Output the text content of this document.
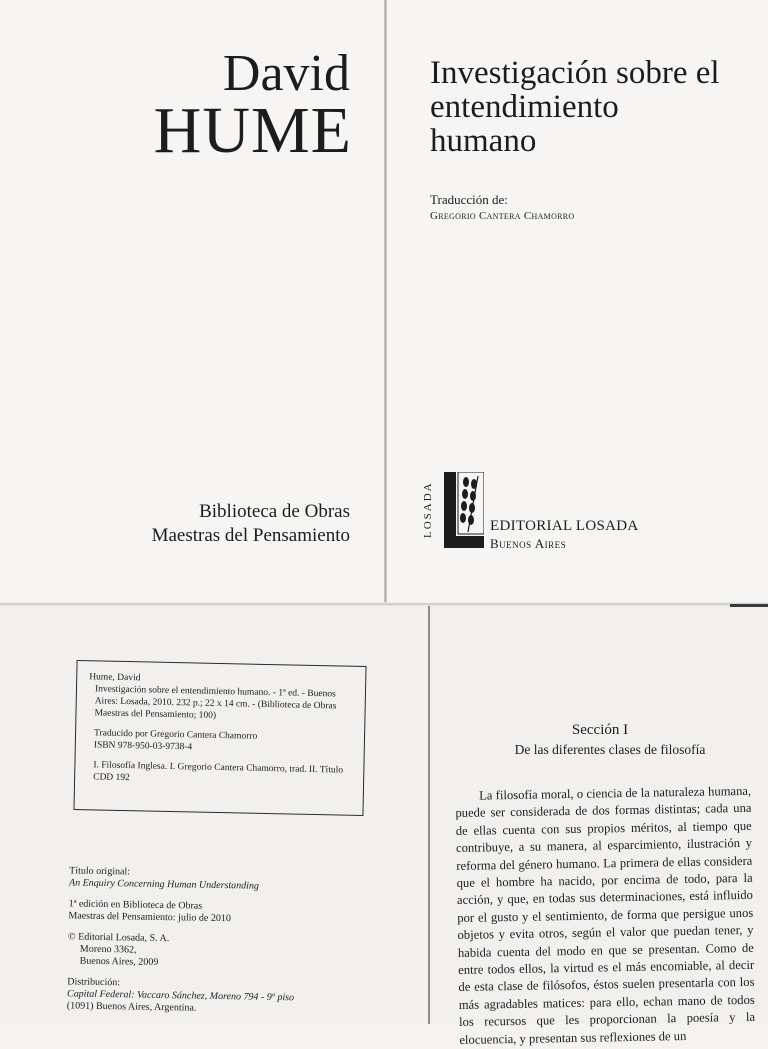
David
HUME
Biblioteca de Obras
Maestras del Pensamiento
Investigación sobre el entendimiento humano
Traducción de:
Gregorio Cantera Chamorro
LOSADA	EDITORIAL LOSADA
Buenos Aires

Hume, David

Investigación sobre el entendimiento humano. - 1ª ed. - Buenos

Aires: Losada, 2010. 232 p.; 22 x 14 cm. - (Biblioteca de Obras

Maestras del Pensamiento; 100)

Traducido por Gregorio Cantera Chamorro

ISBN 978-950-03-9738-4

I. Filosofía Inglesa. I. Gregorio Cantera Chamorro, trad. II. Título

CDD 192

Título original:

An Enquiry Concerning Human Understanding

1ª edición en Biblioteca de Obras

Maestras del Pensamiento: julio de 2010

© Editorial Losada, S. A.

Moreno 3362,

Buenos Aires, 2009

Distribución:

Capital Federal: Vaccaro Sánchez, Moreno 794 - 9º piso

(1091) Buenos Aires, Argentina.

Sección I
De las diferentes clases de filosofía

La filosofía moral, o ciencia de la naturaleza humana, puede ser considerada de dos formas distintas; cada una de ellas cuenta con sus propios méritos, al tiempo que contribuye, a su manera, al esparcimiento, ilustración y reforma del género humano. La primera de ellas considera que el hombre ha nacido, por encima de todo, para la acción, y que, en todas sus determinaciones, está influido por el gusto y el sentimiento, de forma que persigue unos objetos y evita otros, según el valor que puedan tener, y habida cuenta del modo en que se presentan. Como de entre todos ellos, la virtud es el más encomiable, al decir de esta clase de filósofos, éstos suelen presentarla con los más agradables matices: para ello, echan mano de todos los recursos que les proporcionan la poesía y la elocuencia, y presentan sus reflexiones de un
